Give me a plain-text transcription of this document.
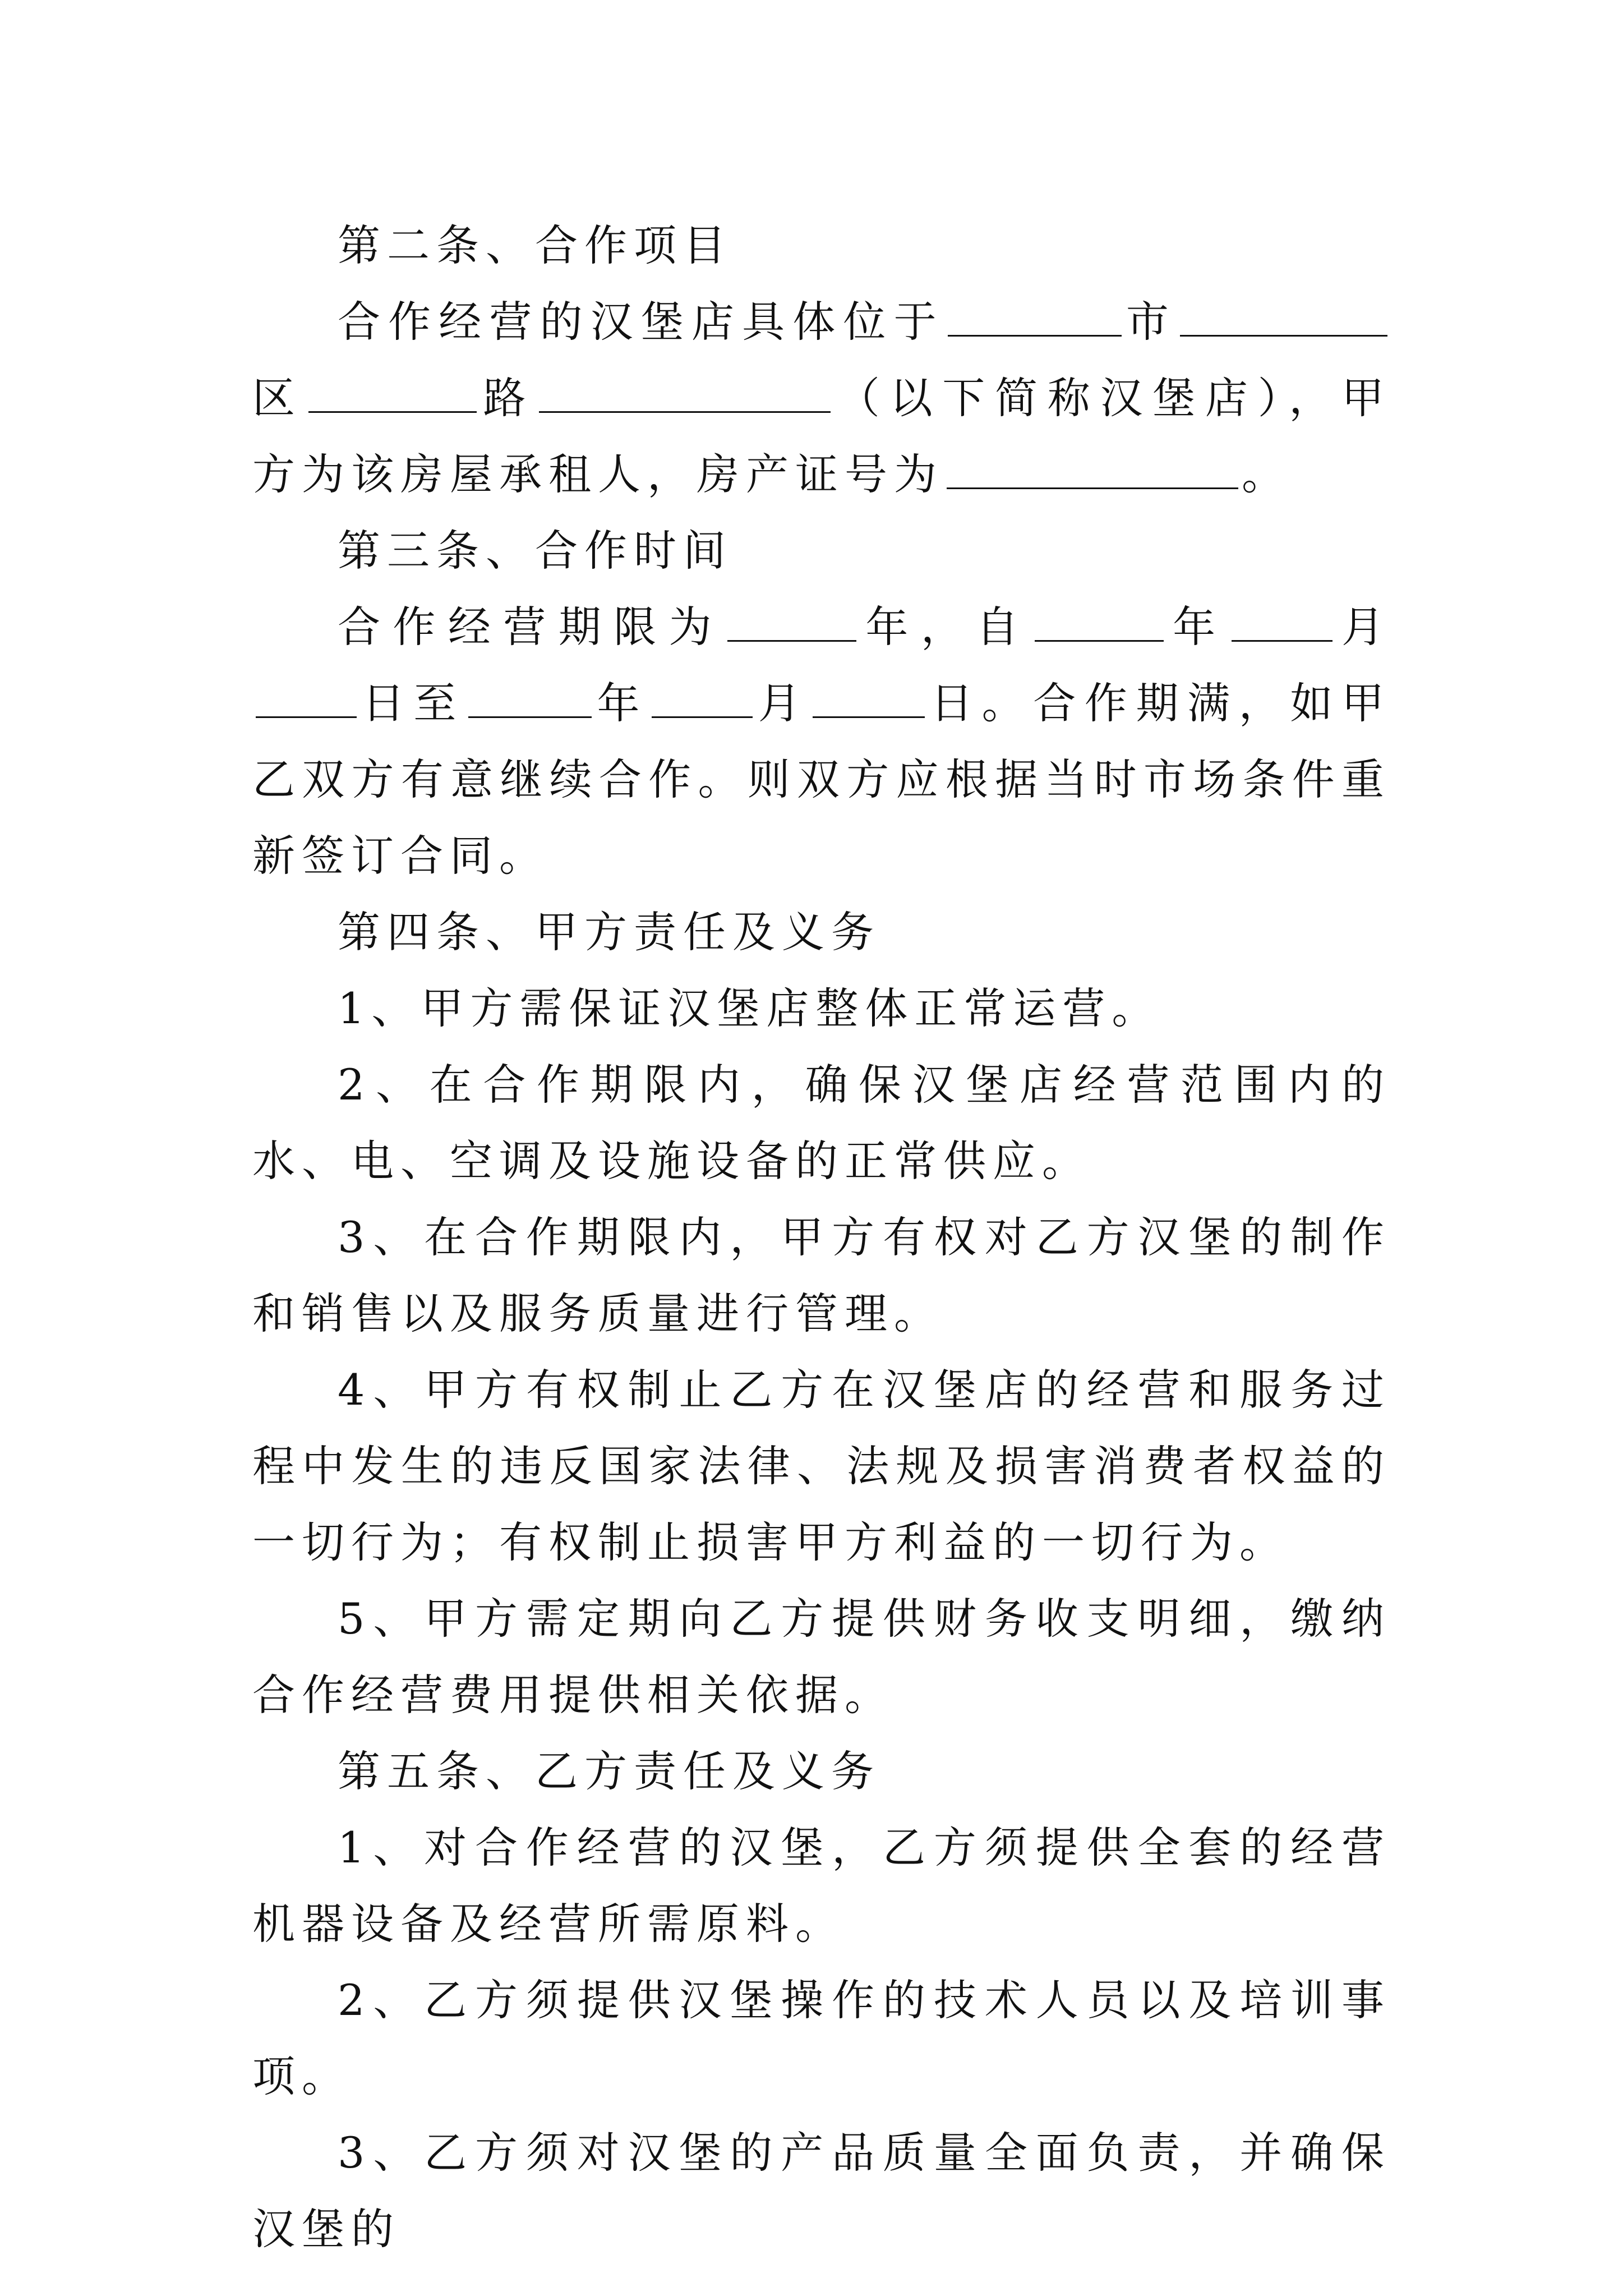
第二条、合作项目

合作经营的汉堡店具体位于	市区	路	（以下简称汉堡店），甲方为该房屋承租人，房产证号为	。

第三条、合作时间

合作经营期限为	年，自	年	月日至	年	月	日。合作期满，如甲乙双方有意继续合作。则双方应根据当时市场条件重新签订合同。

第四条、甲方责任及义务

1、甲方需保证汉堡店整体正常运营。

2、在合作期限内，确保汉堡店经营范围内的水、电、空调及设施设备的正常供应。

3、在合作期限内，甲方有权对乙方汉堡的制作和销售以及服务质量进行管理。

4、甲方有权制止乙方在汉堡店的经营和服务过程中发生的违反国家法律、法规及损害消费者权益的一切行为；有权制止损害甲方利益的一切行为。

5、甲方需定期向乙方提供财务收支明细，缴纳合作经营费用提供相关依据。

第五条、乙方责任及义务

1、对合作经营的汉堡，乙方须提供全套的经营机器设备及经营所需原料。

2、乙方须提供汉堡操作的技术人员以及培训事项。

3、乙方须对汉堡的产品质量全面负责，并确保汉堡的
